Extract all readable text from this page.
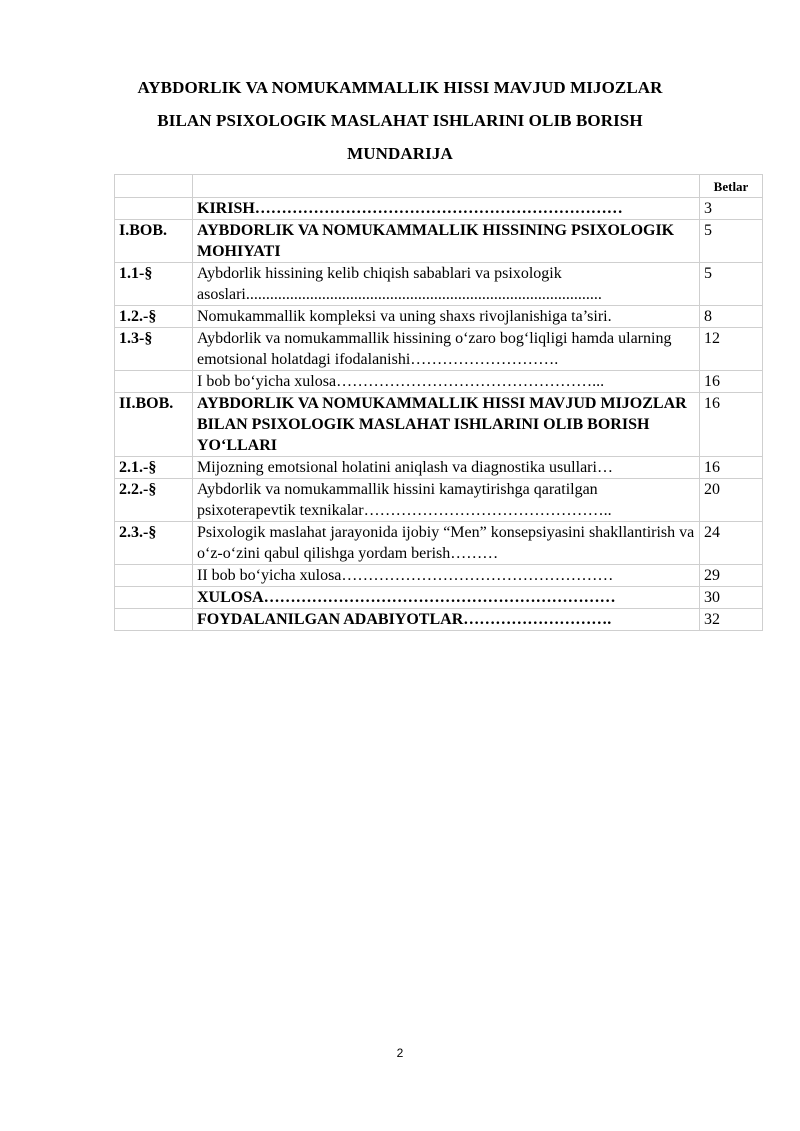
AYBDORLIK VA NOMUKAMMALLIK HISSI MAVJUD MIJOZLAR
BILAN PSIXOLOGIK MASLAHAT ISHLARINI OLIB BORISH
MUNDARIJA
		Betlar
	KIRISH……………………………………………………………	3
I.BOB.	AYBDORLIK VA NOMUKAMMALLIK HISSINING PSIXOLOGIK MOHIYATI	5
1.1-§	Aybdorlik hissining kelib chiqish sabablari va psixologik asoslari.........................................................................................	5
1.2.-§	Nomukammallik kompleksi va uning shaxs rivojlanishiga ta’siri.	8
1.3-§	Aybdorlik va nomukammallik hissining o‘zaro bog‘liqligi hamda ularning emotsional holatdagi ifodalanishi……………………….	12
	I bob bo‘yicha xulosa…………………………………………...	16
II.BOB.	AYBDORLIK VA NOMUKAMMALLIK HISSI MAVJUD MIJOZLAR BILAN PSIXOLOGIK MASLAHAT ISHLARINI OLIB BORISH YO‘LLARI	16
2.1.-§	Mijozning emotsional holatini aniqlash va diagnostika usullari…	16
2.2.-§	Aybdorlik va nomukammallik hissini kamaytirishga qaratilgan psixoterapevtik texnikalar………………………………………..	20
2.3.-§	Psixologik maslahat jarayonida ijobiy “Men” konsepsiyasini shakllantirish va o‘z-o‘zini qabul qilishga yordam berish………	24
	II bob bo‘yicha xulosa……………………………………………	29
	XULOSA…………………………………………………………	30
	FOYDALANILGAN ADABIYOTLAR……………………….	32
2
